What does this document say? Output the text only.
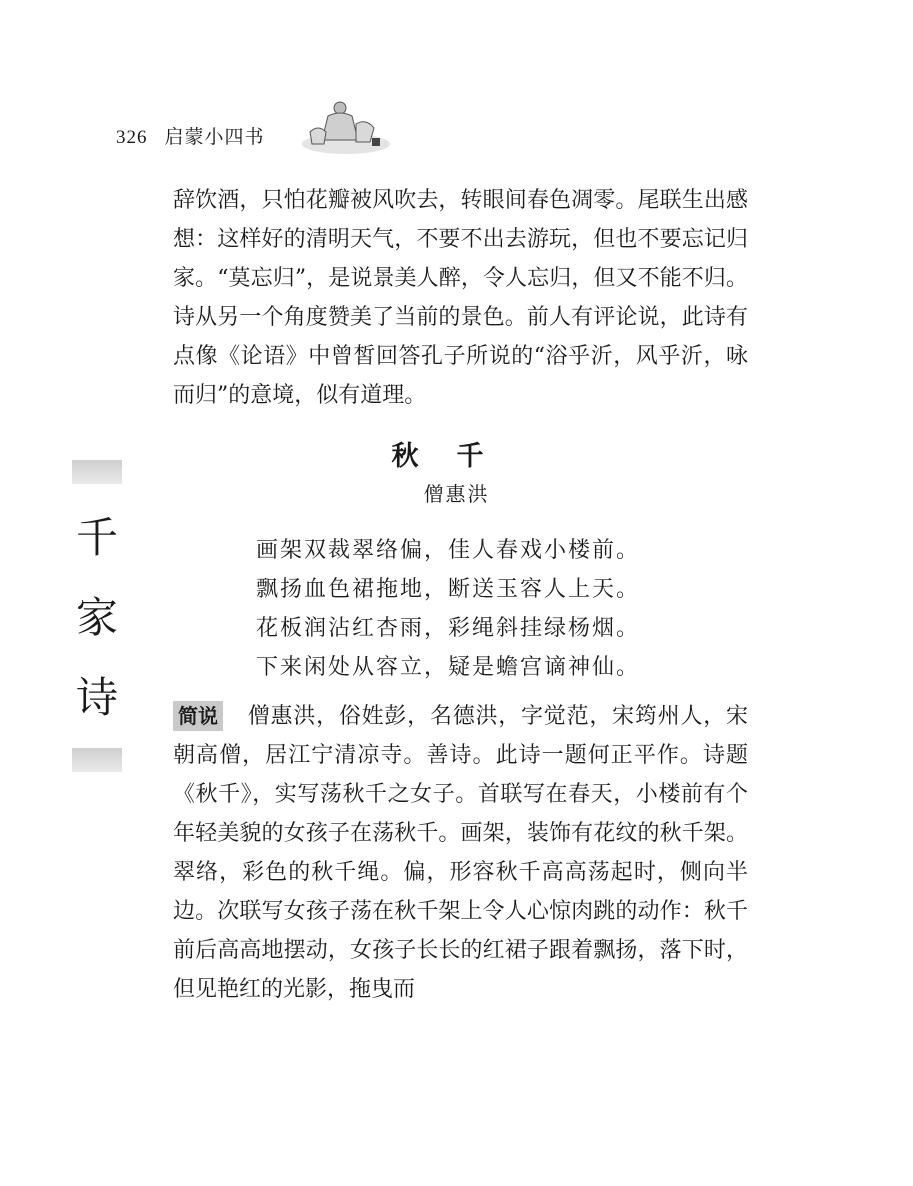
326 启蒙小四书
千
家
诗

辞饮酒，只怕花瓣被风吹去，转眼间春色凋零。尾联生出感想：这样好的清明天气，不要不出去游玩，但也不要忘记归家。“莫忘归”，是说景美人醉，令人忘归，但又不能不归。诗从另一个角度赞美了当前的景色。前人有评论说，此诗有点像《论语》中曾皙回答孔子所说的“浴乎沂，风乎沂，咏而归”的意境，似有道理。

秋千
僧惠洪
画架双裁翠络偏，佳人春戏小楼前。
飘扬血色裙拖地，断送玉容人上天。
花板润沾红杏雨，彩绳斜挂绿杨烟。
下来闲处从容立，疑是蟾宫谪神仙。

简说 僧惠洪，俗姓彭，名德洪，字觉范，宋筠州人，宋朝高僧，居江宁清凉寺。善诗。此诗一题何正平作。诗题《秋千》，实写荡秋千之女子。首联写在春天，小楼前有个年轻美貌的女孩子在荡秋千。画架，装饰有花纹的秋千架。翠络，彩色的秋千绳。偏，形容秋千高高荡起时，侧向半边。次联写女孩子荡在秋千架上令人心惊肉跳的动作：秋千前后高高地摆动，女孩子长长的红裙子跟着飘扬，落下时，但见艳红的光影，拖曳而
